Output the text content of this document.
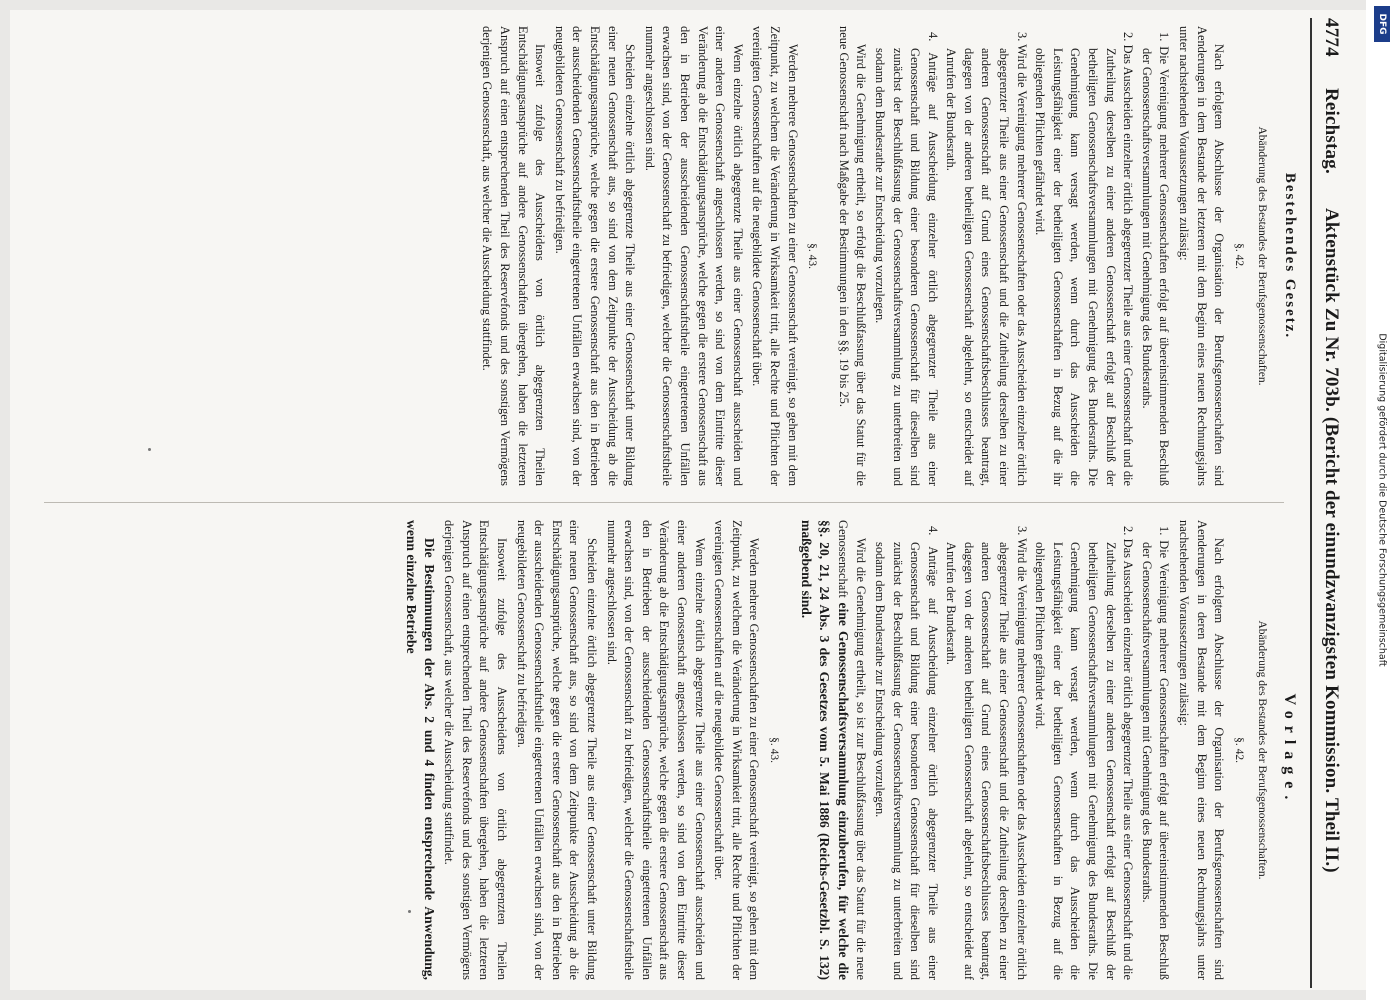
4774
Reichstag.
Aktenstück Zu Nr. 703b. (Bericht der einundzwanzigsten Kommission. Theil II.)
Bestehendes Gesetz.
Abänderung des Bestandes der Berufsgenossenschaften.
§. 42.

Nach erfolgtem Abschlusse der Organisation der Berufsgenossenschaften sind Aenderungen in dem Bestande der letzteren mit dem Beginn eines neuen Rechnungsjahrs unter nachstehenden Voraussetzungen zulässig:

1. Die Vereinigung mehrerer Genossenschaften erfolgt auf übereinstimmenden Beschluß der Genossenschaftsversammlungen mit Genehmigung des Bundesraths.
2. Das Ausscheiden einzelner örtlich abgegrenzter Theile aus einer Genossenschaft und die Zutheilung derselben zu einer anderen Genossenschaft erfolgt auf Beschluß der betheiligten Genossenschaftsversammlungen mit Genehmigung des Bundesraths. Die Genehmigung kann versagt werden, wenn durch das Ausscheiden die Leistungsfähigkeit einer der betheiligten Genossenschaften in Bezug auf die ihr obliegenden Pflichten gefährdet wird.
3. Wird die Vereinigung mehrerer Genossenschaften oder das Ausscheiden einzelner örtlich abgegrenzter Theile aus einer Genossenschaft und die Zutheilung derselben zu einer anderen Genossenschaft auf Grund eines Genossenschaftsbeschlusses beantragt, dagegen von der anderen betheiligten Genossenschaft abgelehnt, so entscheidet auf Anrufen der Bundesrath.
4. Anträge auf Ausscheidung einzelner örtlich abgegrenzter Theile aus einer Genossenschaft und Bildung einer besonderen Genossenschaft für dieselben sind zunächst der Beschlußfassung der Genossenschaftsversammlung zu unterbreiten und sodann dem Bundesrathe zur Entscheidung vorzulegen.

Wird die Genehmigung ertheilt, so erfolgt die Beschlußfassung über das Statut für die neue Genossenschaft nach Maßgabe der Bestimmungen in den §§. 19 bis 25.

§. 43.

Werden mehrere Genossenschaften zu einer Genossenschaft vereinigt, so gehen mit dem Zeitpunkt, zu welchem die Veränderung in Wirksamkeit tritt, alle Rechte und Pflichten der vereinigten Genossenschaften auf die neugebildete Genossenschaft über.

Wenn einzelne örtlich abgegrenzte Theile aus einer Genossenschaft ausscheiden und einer anderen Genossenschaft angeschlossen werden, so sind von dem Eintritte dieser Veränderung ab die Entschädigungsansprüche, welche gegen die erstere Genossenschaft aus den in Betrieben der ausscheidenden Genossenschaftstheile eingetretenen Unfällen erwachsen sind, von der Genossenschaft zu befriedigen, welcher die Genossenschaftstheile nunmehr angeschlossen sind.

Scheiden einzelne örtlich abgegrenzte Theile aus einer Genossenschaft unter Bildung einer neuen Genossenschaft aus, so sind von dem Zeitpunkte der Ausscheidung ab die Entschädigungsansprüche, welche gegen die erstere Genossenschaft aus den in Betrieben der ausscheidenden Genossenschaftstheile eingetretenen Unfällen erwachsen sind, von der neugebildeten Genossenschaft zu befriedigen.

Insoweit zufolge des Ausscheidens von örtlich abgegrenzten Theilen Entschädigungsansprüche auf andere Genossenschaften übergehen, haben die letzteren Anspruch auf einen entsprechenden Theil des Reservefonds und des sonstigen Vermögens derjenigen Genossenschaft, aus welcher die Ausscheidung stattfindet.

Vorlage.
Abänderung des Bestandes der Berufsgenossenschaften.
§. 42.

Nach erfolgtem Abschlusse der Organisation der Berufsgenossenschaften sind Aenderungen in deren Bestande mit dem Beginn eines neuen Rechnungsjahrs unter nachstehenden Voraussetzungen zulässig:

1. Die Vereinigung mehrerer Genossenschaften erfolgt auf übereinstimmenden Beschluß der Genossenschaftsversammlungen mit Genehmigung des Bundesraths.
2. Das Ausscheiden einzelner örtlich abgegrenzter Theile aus einer Genossenschaft und die Zutheilung derselben zu einer anderen Genossenschaft erfolgt auf Beschluß der betheiligten Genossenschaftsversammlungen mit Genehmigung des Bundesraths. Die Genehmigung kann versagt werden, wenn durch das Ausscheiden die Leistungsfähigkeit einer der betheiligten Genossenschaften in Bezug auf die obliegenden Pflichten gefährdet wird.
3. Wird die Vereinigung mehrerer Genossenschaften oder das Ausscheiden einzelner örtlich abgegrenzter Theile aus einer Genossenschaft und die Zutheilung derselben zu einer anderen Genossenschaft auf Grund eines Genossenschaftsbeschlusses beantragt, dagegen von der anderen betheiligten Genossenschaft abgelehnt, so entscheidet auf Anrufen der Bundesrath.
4. Anträge auf Ausscheidung einzelner örtlich abgegrenzter Theile aus einer Genossenschaft und Bildung einer besonderen Genossenschaft für dieselben sind zunächst der Beschlußfassung der Genossenschaftsversammlung zu unterbreiten und sodann dem Bundesrathe zur Entscheidung vorzulegen.

Wird die Genehmigung ertheilt, so ist zur Beschlußfassung über das Statut für die neue Genossenschaft eine Genossenschaftsversammlung einzuberufen, für welche die §§. 20, 21, 24 Abs. 3 des Gesetzes vom 5. Mai 1886 (Reichs-Gesetzbl. S. 132) maßgebend sind.

§. 43.

Werden mehrere Genossenschaften zu einer Genossenschaft vereinigt, so gehen mit dem Zeitpunkt, zu welchem die Veränderung in Wirksamkeit tritt, alle Rechte und Pflichten der vereinigten Genossenschaften auf die neugebildete Genossenschaft über.

Wenn einzelne örtlich abgegrenzte Theile aus einer Genossenschaft ausscheiden und einer anderen Genossenschaft angeschlossen werden, so sind von dem Eintritte dieser Veränderung ab die Entschädigungsansprüche, welche gegen die erstere Genossenschaft aus den in Betrieben der ausscheidenden Genossenschaftstheile eingetretenen Unfällen erwachsen sind, von der Genossenschaft zu befriedigen, welcher die Genossenschaftstheile nunmehr angeschlossen sind.

Scheiden einzelne örtlich abgegrenzte Theile aus einer Genossenschaft unter Bildung einer neuen Genossenschaft aus, so sind von dem Zeitpunkte der Ausscheidung ab die Entschädigungsansprüche, welche gegen die erstere Genossenschaft aus den in Betrieben der ausscheidenden Genossenschaftstheile eingetretenen Unfällen erwachsen sind, von der neugebildeten Genossenschaft zu befriedigen.

Insoweit zufolge des Ausscheidens von örtlich abgegrenzten Theilen Entschädigungsansprüche auf andere Genossenschaften übergehen, haben die letzteren Anspruch auf einen entsprechenden Theil des Reservefonds und des sonstigen Vermögens derjenigen Genossenschaft, aus welcher die Ausscheidung stattfindet.

Die Bestimmungen der Abs. 2 und 4 finden entsprechende Anwendung, wenn einzelne Betriebe

DFG
Digitalisierung gefördert durch die Deutsche Forschungsgemeinschaft
